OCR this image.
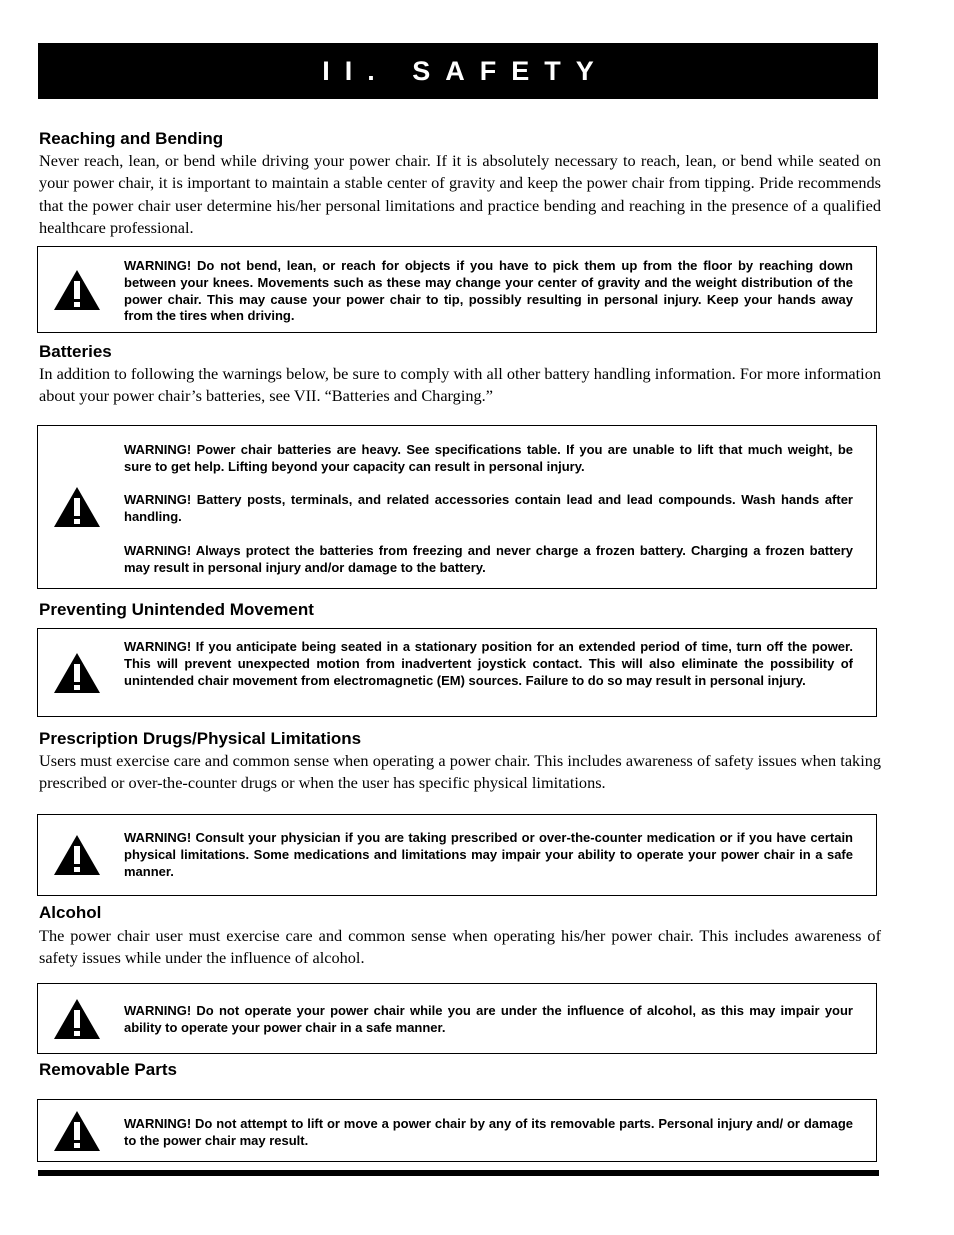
II. SAFETY
Reaching and Bending
Never reach, lean, or bend while driving your power chair. If it is absolutely necessary to reach, lean, or bend while seated on your power chair, it is important to maintain a stable center of gravity and keep the power chair from tipping. Pride recommends that the power chair user determine his/her personal limitations and practice bending and reaching in the presence of a qualified healthcare professional.

WARNING! Do not bend, lean, or reach for objects if you have to pick them up from the floor by reaching down between your knees. Movements such as these may change your center of gravity and the weight distribution of the power chair. This may cause your power chair to tip, possibly resulting in personal injury. Keep your hands away from the tires when driving.

Batteries
In addition to following the warnings below, be sure to comply with all other battery handling information. For more information about your power chair’s batteries, see VII. “Batteries and Charging.”

WARNING! Power chair batteries are heavy. See specifications table. If you are unable to lift that much weight, be sure to get help. Lifting beyond your capacity can result in personal injury.

WARNING! Battery posts, terminals, and related accessories contain lead and lead compounds. Wash hands after handling.

WARNING! Always protect the batteries from freezing and never charge a frozen battery. Charging a frozen battery may result in personal injury and/or damage to the battery.

Preventing Unintended Movement

WARNING! If you anticipate being seated in a stationary position for an extended period of time, turn off the power. This will prevent unexpected motion from inadvertent joystick contact. This will also eliminate the possibility of unintended chair movement from electromagnetic (EM) sources. Failure to do so may result in personal injury.

Prescription Drugs/Physical Limitations
Users must exercise care and common sense when operating a power chair. This includes awareness of safety issues when taking prescribed or over-the-counter drugs or when the user has specific physical limitations.

WARNING! Consult your physician if you are taking prescribed or over-the-counter medication or if you have certain physical limitations. Some medications and limitations may impair your ability to operate your power chair in a safe manner.

Alcohol
The power chair user must exercise care and common sense when operating his/her power chair. This includes awareness of safety issues while under the influence of alcohol.

WARNING! Do not operate your power chair while you are under the influence of alcohol, as this may impair your ability to operate your power chair in a safe manner.

Removable Parts

WARNING! Do not attempt to lift or move a power chair by any of its removable parts. Personal injury and/ or damage to the power chair may result.
